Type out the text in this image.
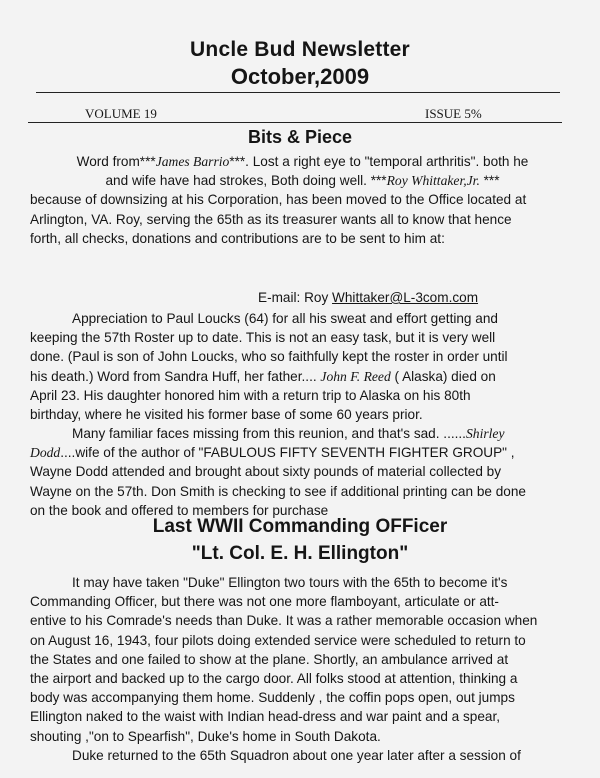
Uncle Bud Newsletter
October,2009
VOLUME 19	ISSUE 5%
Bits & Piece
Word from***James Barrio***. Lost a right eye to "temporal arthritis". both he
and wife have had strokes, Both doing well. ***Roy Whittaker,Jr. ***
because of downsizing at his Corporation, has been moved to the Office located at
Arlington, VA. Roy, serving the 65th as its treasurer wants all to know that hence
forth, all checks, donations and contributions are to be sent to him at:
E-mail: Roy Whittaker@L-3com.com
Appreciation to Paul Loucks (64) for all his sweat and effort getting and
keeping the 57th Roster up to date. This is not an easy task, but it is very well
done. (Paul is son of John Loucks, who so faithfully kept the roster in order until
his death.) Word from Sandra Huff, her father.... John F. Reed ( Alaska) died on
April 23. His daughter honored him with a return trip to Alaska on his 80th
birthday, where he visited his former base of some 60 years prior.
Many familiar faces missing from this reunion, and that's sad. ......Shirley
Dodd....wife of the author of "FABULOUS FIFTY SEVENTH FIGHTER GROUP" ,
Wayne Dodd attended and brought about sixty pounds of material collected by
Wayne on the 57th. Don Smith is checking to see if additional printing can be done
on the book and offered to members for purchase
Last WWII Commanding OFFicer
"Lt. Col. E. H. Ellington"
It may have taken "Duke" Ellington two tours with the 65th to become it's
Commanding Officer, but there was not one more flamboyant, articulate or att-
entive to his Comrade's needs than Duke. It was a rather memorable occasion when
on August 16, 1943, four pilots doing extended service were scheduled to return to
the States and one failed to show at the plane. Shortly, an ambulance arrived at
the airport and backed up to the cargo door. All folks stood at attention, thinking a
body was accompanying them home. Suddenly , the coffin pops open, out jumps
Ellington naked to the waist with Indian head-dress and war paint and a spear,
shouting ,"on to Spearfish", Duke's home in South Dakota.
Duke returned to the 65th Squadron about one year later after a session of
